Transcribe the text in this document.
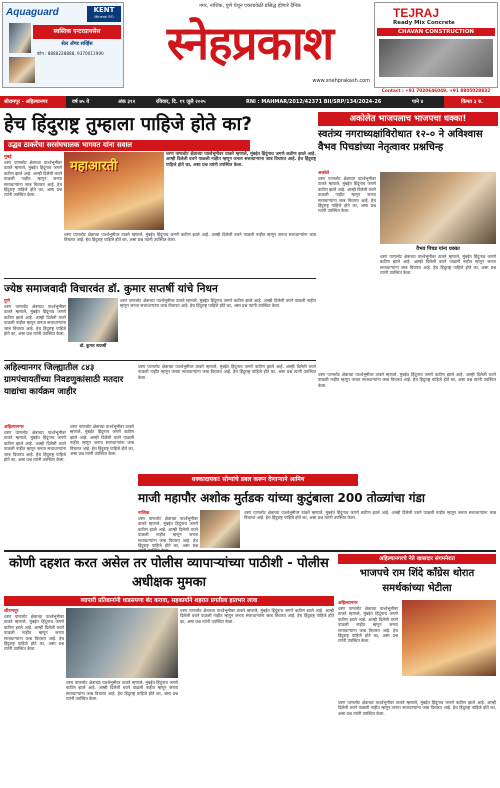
Aquaguard	KENT
Mineral RO
स्वस्तिक एन्टरप्रायसेस
सेल ॲण्ड सर्व्हिस
फोन : 8888228888, 9370011990
नगर, नाशिक, पुणे येथून एकाचवेळी प्रसिद्ध होणारे दैनिक
स्नेहप्रकाश
www.snehprakash.com
TEJRAJ
Ready Mix Concrete
CHAVAN CONSTRUCTION
Contact : +91 7020646049, +91 8805028832
श्रीरामपूर - अहिल्यानगर	वर्ष ७५ वे	अंक ३१२	रविवार, दि. १९ जुलै २०२५	RNI : MAHMAR/2012/42371 BII/SRP/134/2024-26	पाने ४	किंमत ३ रु.
हेच हिंदुराष्ट्र तुम्हाला पाहिजे होते का?
उद्धव ठाकरेंचा सरसंघचालक भागवत यांना सवाल
मुंबई
धरण पाणलोट क्षेत्राच्या पार्श्वभूमीवर ठाकरे म्हणाले, मुंबईत हिंदूंनाच जगणे कठीण झाले आहे. आम्ही दिलेली वचने पाळली नाहीत म्हणून जनता सत्ताधाऱ्यांना जाब विचारत आहे. हेच हिंदुराष्ट्र पाहिजे होते का, असा प्रश्न त्यांनी उपस्थित केला.
महाआरती
धरण पाणलोट क्षेत्राच्या पार्श्वभूमीवर ठाकरे म्हणाले, मुंबईत हिंदूंनाच जगणे कठीण झाले आहे. आम्ही दिलेली वचने पाळली नाहीत म्हणून जनता सत्ताधाऱ्यांना जाब विचारत आहे. हेच हिंदुराष्ट्र पाहिजे होते का, असा प्रश्न त्यांनी उपस्थित केला.
धरण पाणलोट क्षेत्राच्या पार्श्वभूमीवर ठाकरे म्हणाले, मुंबईत हिंदूंनाच जगणे कठीण झाले आहे. आम्ही दिलेली वचने पाळली नाहीत म्हणून जनता सत्ताधाऱ्यांना जाब विचारत आहे. हेच हिंदुराष्ट्र पाहिजे होते का, असा प्रश्न त्यांनी उपस्थित केला.
अकोलेत भाजपलाच भाजपचा धक्का!
स्वतंत्र्य नगराध्यक्षांविरोधात १२-० ने अविश्वास वैभव पिचडांच्या नेतृत्वावर प्रश्नचिन्ह
अकोले
धरण पाणलोट क्षेत्राच्या पार्श्वभूमीवर ठाकरे म्हणाले, मुंबईत हिंदूंनाच जगणे कठीण झाले आहे. आम्ही दिलेली वचने पाळली नाहीत म्हणून जनता सत्ताधाऱ्यांना जाब विचारत आहे. हेच हिंदुराष्ट्र पाहिजे होते का, असा प्रश्न त्यांनी उपस्थित केला.
वैभव पिचड यांना धक्का
धरण पाणलोट क्षेत्राच्या पार्श्वभूमीवर ठाकरे म्हणाले, मुंबईत हिंदूंनाच जगणे कठीण झाले आहे. आम्ही दिलेली वचने पाळली नाहीत म्हणून जनता सत्ताधाऱ्यांना जाब विचारत आहे. हेच हिंदुराष्ट्र पाहिजे होते का, असा प्रश्न त्यांनी उपस्थित केला.
धरण पाणलोट क्षेत्राच्या पार्श्वभूमीवर ठाकरे म्हणाले, मुंबईत हिंदूंनाच जगणे कठीण झाले आहे. आम्ही दिलेली वचने पाळली नाहीत म्हणून जनता सत्ताधाऱ्यांना जाब विचारत आहे. हेच हिंदुराष्ट्र पाहिजे होते का, असा प्रश्न त्यांनी उपस्थित केला.
ज्येष्ठ समाजवादी विचारवंत डॉ. कुमार सप्तर्षी यांचे निधन
पुणे
धरण पाणलोट क्षेत्राच्या पार्श्वभूमीवर ठाकरे म्हणाले, मुंबईत हिंदूंनाच जगणे कठीण झाले आहे. आम्ही दिलेली वचने पाळली नाहीत म्हणून जनता सत्ताधाऱ्यांना जाब विचारत आहे. हेच हिंदुराष्ट्र पाहिजे होते का, असा प्रश्न त्यांनी उपस्थित केला.
डॉ. कुमार सप्तर्षी
धरण पाणलोट क्षेत्राच्या पार्श्वभूमीवर ठाकरे म्हणाले, मुंबईत हिंदूंनाच जगणे कठीण झाले आहे. आम्ही दिलेली वचने पाळली नाहीत म्हणून जनता सत्ताधाऱ्यांना जाब विचारत आहे. हेच हिंदुराष्ट्र पाहिजे होते का, असा प्रश्न त्यांनी उपस्थित केला.
अहिल्यानगर जिल्ह्यातील ८४३ ग्रामपंचायतींच्या निवडणुकांसाठी मतदार याद्यांचा कार्यक्रम जाहीर
अहिल्यानगर
धरण पाणलोट क्षेत्राच्या पार्श्वभूमीवर ठाकरे म्हणाले, मुंबईत हिंदूंनाच जगणे कठीण झाले आहे. आम्ही दिलेली वचने पाळली नाहीत म्हणून जनता सत्ताधाऱ्यांना जाब विचारत आहे. हेच हिंदुराष्ट्र पाहिजे होते का, असा प्रश्न त्यांनी उपस्थित केला.
धरण पाणलोट क्षेत्राच्या पार्श्वभूमीवर ठाकरे म्हणाले, मुंबईत हिंदूंनाच जगणे कठीण झाले आहे. आम्ही दिलेली वचने पाळली नाहीत म्हणून जनता सत्ताधाऱ्यांना जाब विचारत आहे. हेच हिंदुराष्ट्र पाहिजे होते का, असा प्रश्न त्यांनी उपस्थित केला.
धक्कादायक! सोन्यांचे डबल करून देणाऱ्याने आमिष
धरण पाणलोट क्षेत्राच्या पार्श्वभूमीवर ठाकरे म्हणाले, मुंबईत हिंदूंनाच जगणे कठीण झाले आहे. आम्ही दिलेली वचने पाळली नाहीत म्हणून जनता सत्ताधाऱ्यांना जाब विचारत आहे. हेच हिंदुराष्ट्र पाहिजे होते का, असा प्रश्न त्यांनी उपस्थित केला.
माजी महापौर अशोक मुर्तडक यांच्या कुटुंबाला 200 तोळ्यांचा गंडा
नाशिक
धरण पाणलोट क्षेत्राच्या पार्श्वभूमीवर ठाकरे म्हणाले, मुंबईत हिंदूंनाच जगणे कठीण झाले आहे. आम्ही दिलेली वचने पाळली नाहीत म्हणून जनता सत्ताधाऱ्यांना जाब विचारत आहे. हेच हिंदुराष्ट्र पाहिजे होते का, असा प्रश्न
धरण पाणलोट क्षेत्राच्या पार्श्वभूमीवर ठाकरे म्हणाले, मुंबईत हिंदूंनाच जगणे कठीण झाले आहे. आम्ही दिलेली वचने पाळली नाहीत म्हणून जनता सत्ताधाऱ्यांना जाब विचारत आहे. हेच हिंदुराष्ट्र पाहिजे होते का, असा प्रश्न त्यांनी उपस्थित केला.
कोणी दहशत करत असेल तर पोलीस व्यापाऱ्यांच्या पाठीशी - पोलीस अधीक्षक मुमका
व्यापारी प्रतिष्ठानांनी धाडसपणा बंद करावा, सहकार्याने शहरात प्रगतीला हातभार लावा
श्रीरामपूर
धरण पाणलोट क्षेत्राच्या पार्श्वभूमीवर ठाकरे म्हणाले, मुंबईत हिंदूंनाच जगणे कठीण झाले आहे. आम्ही दिलेली वचने पाळली नाहीत म्हणून जनता सत्ताधाऱ्यांना जाब विचारत आहे. हेच हिंदुराष्ट्र पाहिजे होते का, असा प्रश्न त्यांनी उपस्थित केला.
धरण पाणलोट क्षेत्राच्या पार्श्वभूमीवर ठाकरे म्हणाले, मुंबईत हिंदूंनाच जगणे कठीण झाले आहे. आम्ही दिलेली वचने पाळली नाहीत म्हणून जनता सत्ताधाऱ्यांना जाब विचारत आहे. हेच हिंदुराष्ट्र पाहिजे होते का, असा प्रश्न त्यांनी उपस्थित केला.
धरण पाणलोट क्षेत्राच्या पार्श्वभूमीवर ठाकरे म्हणाले, मुंबईत हिंदूंनाच जगणे कठीण झाले आहे. आम्ही दिलेली वचने पाळली नाहीत म्हणून जनता सत्ताधाऱ्यांना जाब विचारत आहे. हेच हिंदुराष्ट्र पाहिजे होते का, असा प्रश्न त्यांनी उपस्थित केला.
अहिल्यानगरचे नेते खासदार संगमनेरात
भाजपचे राम शिंदे काँग्रेस थोरात समर्थकांच्या भेटीला
अहिल्यानगर
धरण पाणलोट क्षेत्राच्या पार्श्वभूमीवर ठाकरे म्हणाले, मुंबईत हिंदूंनाच जगणे कठीण झाले आहे. आम्ही दिलेली वचने पाळली नाहीत म्हणून जनता सत्ताधाऱ्यांना जाब विचारत आहे. हेच हिंदुराष्ट्र पाहिजे होते का, असा प्रश्न त्यांनी उपस्थित केला.
धरण पाणलोट क्षेत्राच्या पार्श्वभूमीवर ठाकरे म्हणाले, मुंबईत हिंदूंनाच जगणे कठीण झाले आहे. आम्ही दिलेली वचने पाळली नाहीत म्हणून जनता सत्ताधाऱ्यांना जाब विचारत आहे. हेच हिंदुराष्ट्र पाहिजे होते का, असा प्रश्न त्यांनी उपस्थित केला.
